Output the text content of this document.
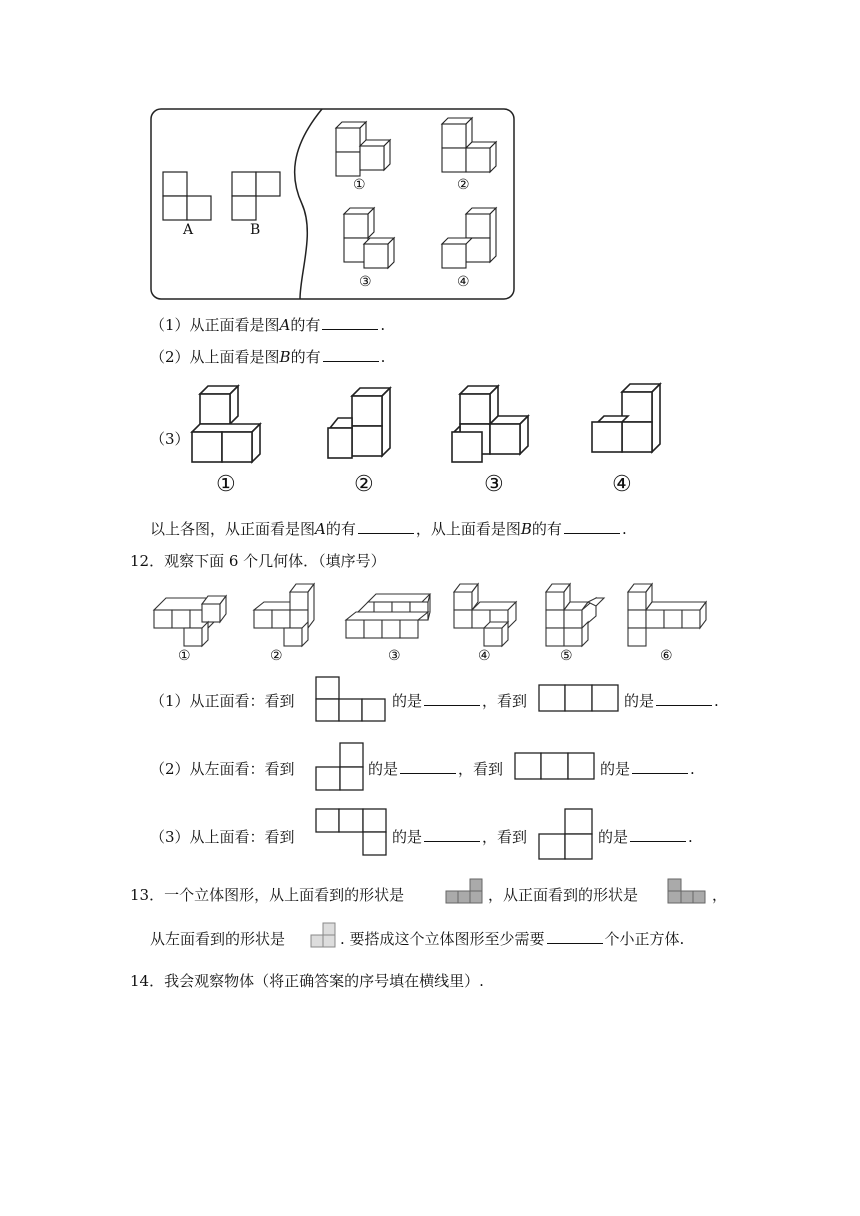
A	B
①	②
③	④
（1）从正面看是图A的有	.
（2）从上面看是图B的有	.
（3）
①	②	③	④
以上各图，从正面看是图A的有	，从上面看是图B的有	.
12．观察下面 6 个几何体．（填序号）
①	②	③	④	⑤	⑥
（1）从正面看：看到	的是	，看到	的是	.
（2）从左面看：看到	的是	，看到	的是	.
（3）从上面看：看到	的是	，看到	的是	.
13．一个立体图形，从上面看到的形状是	，从正面看到的形状是	，
从左面看到的形状是	. 要搭成这个立体图形至少需要	个小正方体.
14．我会观察物体（将正确答案的序号填在横线里）.
